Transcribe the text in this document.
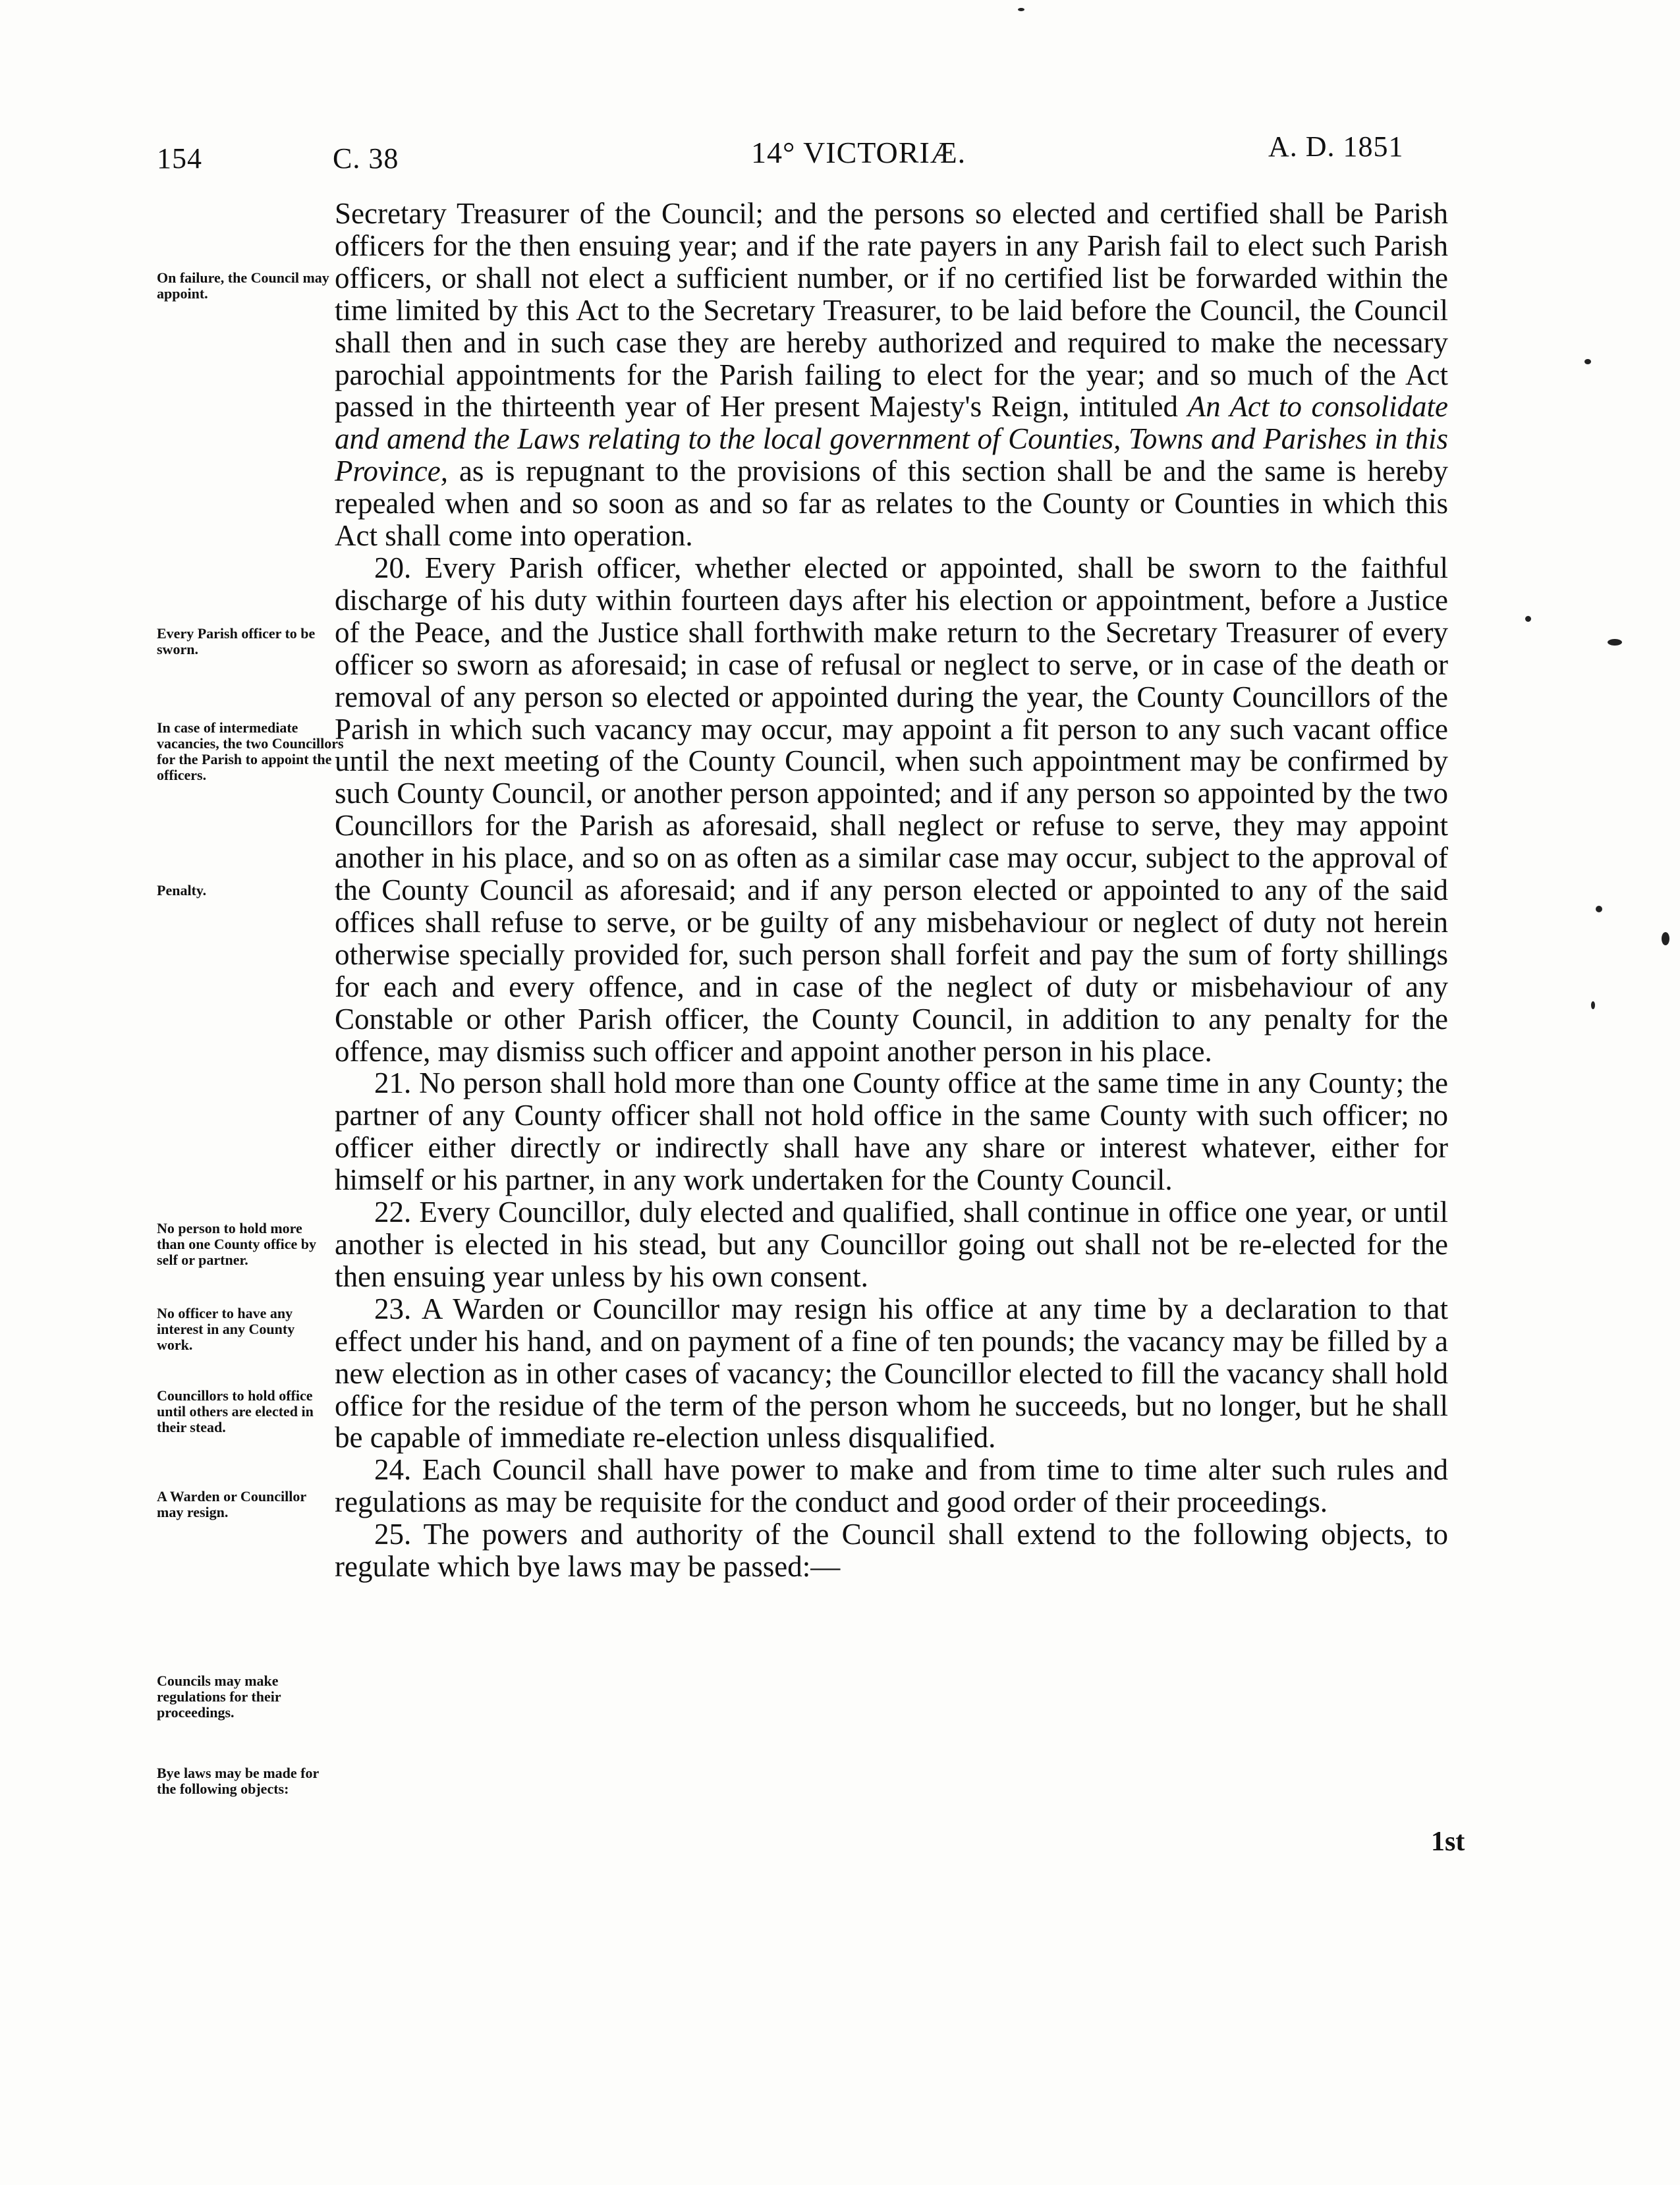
154	C. 38	14° VICTORIÆ.	A. D. 1851
On failure, the Council may appoint.
Every Parish officer to be sworn.
In case of intermediate vacancies, the two Councillors for the Parish to appoint the officers.
Penalty.
No person to hold more than one County office by self or partner.
No officer to have any interest in any County work.
Councillors to hold office until others are elected in their stead.
A Warden or Councillor may resign.
Councils may make regulations for their proceedings.
Bye laws may be made for the following objects:

Secretary Treasurer of the Council; and the persons so elected and certified shall be Parish officers for the then ensuing year; and if the rate payers in any Parish fail to elect such Parish officers, or shall not elect a sufficient number, or if no certified list be forwarded within the time limited by this Act to the Secretary Treasurer, to be laid before the Council, the Council shall then and in such case they are hereby authorized and required to make the necessary parochial appointments for the Parish failing to elect for the year; and so much of the Act passed in the thirteenth year of Her present Majesty's Reign, intituled An Act to consolidate and amend the Laws relating to the local government of Counties, Towns and Parishes in this Province, as is repugnant to the provisions of this section shall be and the same is hereby repealed when and so soon as and so far as relates to the County or Counties in which this Act shall come into operation.

20. Every Parish officer, whether elected or appointed, shall be sworn to the faithful discharge of his duty within fourteen days after his election or appointment, before a Justice of the Peace, and the Justice shall forthwith make return to the Secretary Treasurer of every officer so sworn as aforesaid; in case of refusal or neglect to serve, or in case of the death or removal of any person so elected or appointed during the year, the County Councillors of the Parish in which such vacancy may occur, may appoint a fit person to any such vacant office until the next meeting of the County Council, when such appointment may be confirmed by such County Council, or another person appointed; and if any person so appointed by the two Councillors for the Parish as aforesaid, shall neglect or refuse to serve, they may appoint another in his place, and so on as often as a similar case may occur, subject to the approval of the County Council as aforesaid; and if any person elected or appointed to any of the said offices shall refuse to serve, or be guilty of any misbehaviour or neglect of duty not herein otherwise specially provided for, such person shall forfeit and pay the sum of forty shillings for each and every offence, and in case of the neglect of duty or misbehaviour of any Constable or other Parish officer, the County Council, in addition to any penalty for the offence, may dismiss such officer and appoint another person in his place.

21. No person shall hold more than one County office at the same time in any County; the partner of any County officer shall not hold office in the same County with such officer; no officer either directly or indirectly shall have any share or interest whatever, either for himself or his partner, in any work undertaken for the County Council.

22. Every Councillor, duly elected and qualified, shall continue in office one year, or until another is elected in his stead, but any Councillor going out shall not be re-elected for the then ensuing year unless by his own consent.

23. A Warden or Councillor may resign his office at any time by a declaration to that effect under his hand, and on payment of a fine of ten pounds; the vacancy may be filled by a new election as in other cases of vacancy; the Councillor elected to fill the vacancy shall hold office for the residue of the term of the person whom he succeeds, but no longer, but he shall be capable of immediate re-election unless disqualified.

24. Each Council shall have power to make and from time to time alter such rules and regulations as may be requisite for the conduct and good order of their proceedings.

25. The powers and authority of the Council shall extend to the following objects, to regulate which bye laws may be passed:—

1st
